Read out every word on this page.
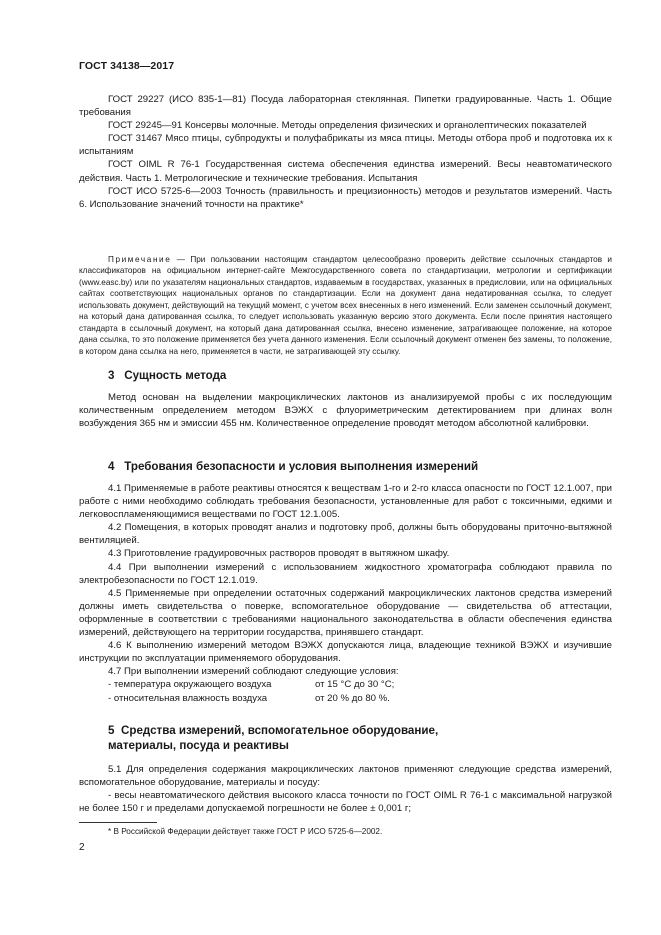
ГОСТ 34138—2017

ГОСТ 29227 (ИСО 835-1—81) Посуда лабораторная стеклянная. Пипетки градуированные. Часть 1. Общие требования

ГОСТ 29245—91 Консервы молочные. Методы определения физических и органолептических показателей

ГОСТ 31467 Мясо птицы, субпродукты и полуфабрикаты из мяса птицы. Методы отбора проб и подготовка их к испытаниям

ГОСТ OIML R 76-1 Государственная система обеспечения единства измерений. Весы неавтоматического действия. Часть 1. Метрологические и технические требования. Испытания

ГОСТ ИСО 5725-6—2003 Точность (правильность и прецизионность) методов и результатов измерений. Часть 6. Использование значений точности на практике*

Примечание — При пользовании настоящим стандартом целесообразно проверить действие ссылочных стандартов и классификаторов на официальном интернет-сайте Межгосударственного совета по стандартизации, метрологии и сертификации (www.easc.by) или по указателям национальных стандартов, издаваемым в государствах, указанных в предисловии, или на официальных сайтах соответствующих национальных органов по стандартизации. Если на документ дана недатированная ссылка, то следует использовать документ, действующий на текущий момент, с учетом всех внесенных в него изменений. Если заменен ссылочный документ, на который дана датированная ссылка, то следует использовать указанную версию этого документа. Если после принятия настоящего стандарта в ссылочный документ, на который дана датированная ссылка, внесено изменение, затрагивающее положение, на которое дана ссылка, то это положение применяется без учета данного изменения. Если ссылочный документ отменен без замены, то положение, в котором дана ссылка на него, применяется в части, не затрагивающей эту ссылку.

3 Сущность метода

Метод основан на выделении макроциклических лактонов из анализируемой пробы с их последующим количественным определением методом ВЭЖХ с флуориметрическим детектированием при длинах волн возбуждения 365 нм и эмиссии 455 нм. Количественное определение проводят методом абсолютной калибровки.

4 Требования безопасности и условия выполнения измерений

4.1 Применяемые в работе реактивы относятся к веществам 1-го и 2-го класса опасности по ГОСТ 12.1.007, при работе с ними необходимо соблюдать требования безопасности, установленные для работ с токсичными, едкими и легковоспламеняющимися веществами по ГОСТ 12.1.005.

4.2 Помещения, в которых проводят анализ и подготовку проб, должны быть оборудованы приточно-вытяжной вентиляцией.

4.3 Приготовление градуировочных растворов проводят в вытяжном шкафу.

4.4 При выполнении измерений с использованием жидкостного хроматографа соблюдают правила по электробезопасности по ГОСТ 12.1.019.

4.5 Применяемые при определении остаточных содержаний макроциклических лактонов средства измерений должны иметь свидетельства о поверке, вспомогательное оборудование — свидетельства об аттестации, оформленные в соответствии с требованиями национального законодательства в области обеспечения единства измерений, действующего на территории государства, принявшего стандарт.

4.6 К выполнению измерений методом ВЭЖХ допускаются лица, владеющие техникой ВЭЖХ и изучившие инструкции по эксплуатации применяемого оборудования.

4.7 При выполнении измерений соблюдают следующие условия:

- температура окружающего воздуха	от 15 °С до 30 °С;
- относительная влажность воздуха	от 20 % до 80 %.
5 Средства измерений, вспомогательное оборудование,
материалы, посуда и реактивы

5.1 Для определения содержания макроциклических лактонов применяют следующие средства измерений, вспомогательное оборудование, материалы и посуду:

- весы неавтоматического действия высокого класса точности по ГОСТ OIML R 76-1 с максимальной нагрузкой не более 150 г и пределами допускаемой погрешности не более ± 0,001 г;

* В Российской Федерации действует также ГОСТ Р ИСО 5725-6—2002.
2
